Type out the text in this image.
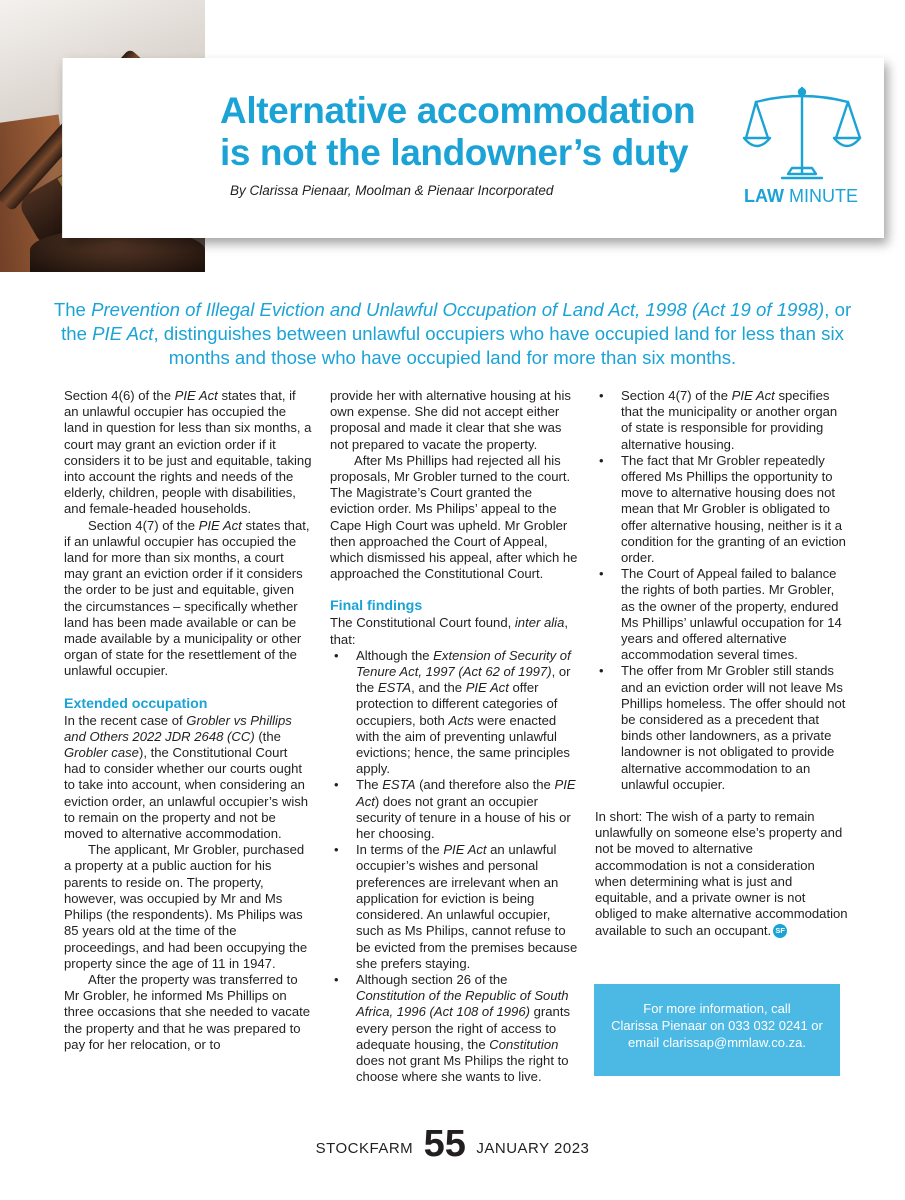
Alternative accommodation
is not the landowner’s duty
By Clarissa Pienaar, Moolman & Pienaar Incorporated	LAW MINUTE
The Prevention of Illegal Eviction and Unlawful Occupation of Land Act, 1998 (Act 19 of 1998), or the PIE Act, distinguishes between unlawful occupiers who have occupied land for less than six months and those who have occupied land for more than six months.

Section 4(6) of the PIE Act states that, if an unlawful occupier has occupied the land in question for less than six months, a court may grant an eviction order if it considers it to be just and equitable, taking into account the rights and needs of the elderly, children, people with disabilities, and female-headed households.

Section 4(7) of the PIE Act states that, if an unlawful occupier has occupied the land for more than six months, a court may grant an eviction order if it considers the order to be just and equitable, given the circumstances – specifically whether land has been made available or can be made available by a municipality or other organ of state for the resettlement of the unlawful occupier.

Extended occupation

In the recent case of Grobler vs Phillips and Others 2022 JDR 2648 (CC) (the Grobler case), the Constitutional Court had to consider whether our courts ought to take into account, when considering an eviction order, an unlawful occupier’s wish to remain on the property and not be moved to alternative accommodation.

The applicant, Mr Grobler, purchased a property at a public auction for his parents to reside on. The property, however, was occupied by Mr and Ms Philips (the respondents). Ms Philips was 85 years old at the time of the proceedings, and had been occupying the property since the age of 11 in 1947.

After the property was transferred to Mr Grobler, he informed Ms Phillips on three occasions that she needed to vacate the property and that he was prepared to pay for her relocation, or to

provide her with alternative housing at his own expense. She did not accept either proposal and made it clear that she was not prepared to vacate the property.

After Ms Phillips had rejected all his proposals, Mr Grobler turned to the court. The Magistrate’s Court granted the eviction order. Ms Philips’ appeal to the Cape High Court was upheld. Mr Grobler then approached the Court of Appeal, which dismissed his appeal, after which he approached the Constitutional Court.

Final findings

The Constitutional Court found, inter alia, that:

• Although the Extension of Security of Tenure Act, 1997 (Act 62 of 1997), or the ESTA, and the PIE Act offer protection to different categories of occupiers, both Acts were enacted with the aim of preventing unlawful evictions; hence, the same principles apply.
• The ESTA (and therefore also the PIE Act) does not grant an occupier security of tenure in a house of his or her choosing.
• In terms of the PIE Act an unlawful occupier’s wishes and personal preferences are irrelevant when an application for eviction is being considered. An unlawful occupier, such as Ms Philips, cannot refuse to be evicted from the premises because she prefers staying.
• Although section 26 of the Constitution of the Republic of South Africa, 1996 (Act 108 of 1996) grants every person the right of access to adequate housing, the Constitution does not grant Ms Philips the right to choose where she wants to live.
• Section 4(7) of the PIE Act specifies that the municipality or another organ of state is responsible for providing alternative housing.
• The fact that Mr Grobler repeatedly offered Ms Phillips the opportunity to move to alternative housing does not mean that Mr Grobler is obligated to offer alternative housing, neither is it a condition for the granting of an eviction order.
• The Court of Appeal failed to balance the rights of both parties. Mr Grobler, as the owner of the property, endured Ms Phillips’ unlawful occupation for 14 years and offered alternative accommodation several times.
• The offer from Mr Grobler still stands and an eviction order will not leave Ms Phillips homeless. The offer should not be considered as a precedent that binds other landowners, as a private landowner is not obligated to provide alternative accommodation to an unlawful occupier.

In short: The wish of a party to remain unlawfully on someone else’s property and not be moved to alternative accommodation is not a consideration when determining what is just and equitable, and a private owner is not obliged to make alternative accommodation available to such an occupant. SF

For more information, call
Clarissa Pienaar on 033 032 0241 or
email clarissap@mmlaw.co.za.
STOCKFARM 55 JANUARY 2023
